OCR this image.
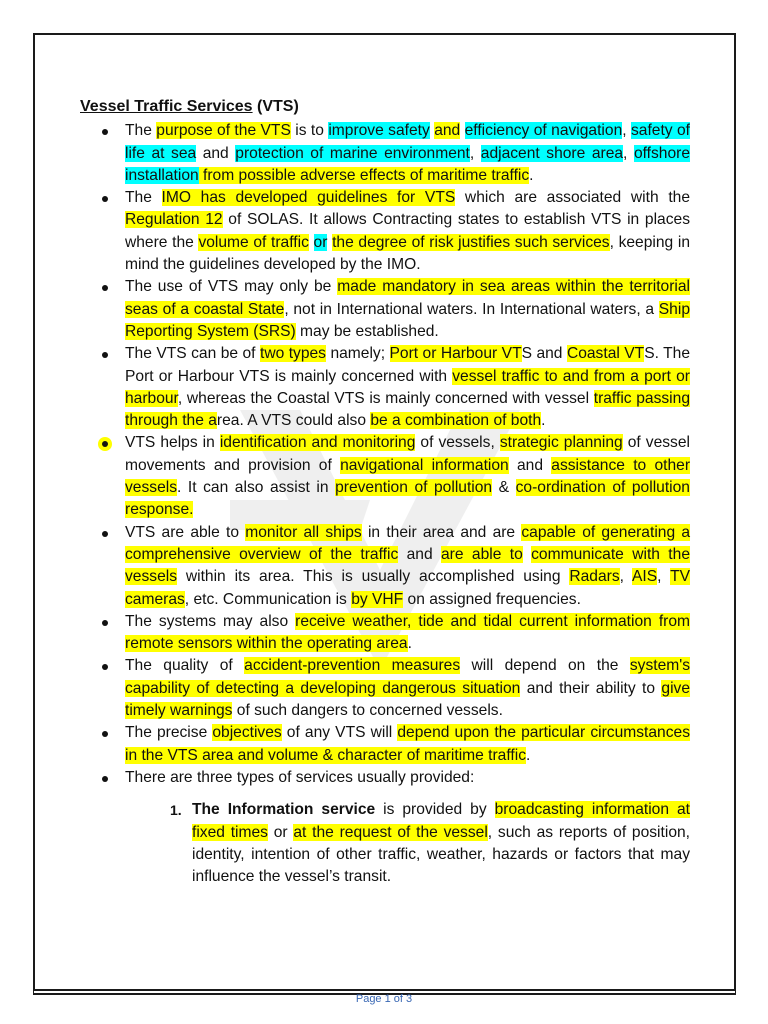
Vessel Traffic Services (VTS)
The purpose of the VTS is to improve safety and efficiency of navigation, safety of life at sea and protection of marine environment, adjacent shore area, offshore installation from possible adverse effects of maritime traffic.
The IMO has developed guidelines for VTS which are associated with the Regulation 12 of SOLAS. It allows Contracting states to establish VTS in places where the volume of traffic or the degree of risk justifies such services, keeping in mind the guidelines developed by the IMO.
The use of VTS may only be made mandatory in sea areas within the territorial seas of a coastal State, not in International waters. In International waters, a Ship Reporting System (SRS) may be established.
The VTS can be of two types namely; Port or Harbour VTS and Coastal VTS. The Port or Harbour VTS is mainly concerned with vessel traffic to and from a port or harbour, whereas the Coastal VTS is mainly concerned with vessel traffic passing through the area. A VTS could also be a combination of both.
VTS helps in identification and monitoring of vessels, strategic planning of vessel movements and provision of navigational information and assistance to other vessels. It can also assist in prevention of pollution & co-ordination of pollution response.
VTS are able to monitor all ships in their area and are capable of generating a comprehensive overview of the traffic and are able to communicate with the vessels within its area. This is usually accomplished using Radars, AIS, TV cameras, etc. Communication is by VHF on assigned frequencies.
The systems may also receive weather, tide and tidal current information from remote sensors within the operating area.
The quality of accident-prevention measures will depend on the system's capability of detecting a developing dangerous situation and their ability to give timely warnings of such dangers to concerned vessels.
The precise objectives of any VTS will depend upon the particular circumstances in the VTS area and volume & character of maritime traffic.
There are three types of services usually provided:
1. The Information service is provided by broadcasting information at fixed times or at the request of the vessel, such as reports of position, identity, intention of other traffic, weather, hazards or factors that may influence the vessel’s transit.
Page 1 of 3
